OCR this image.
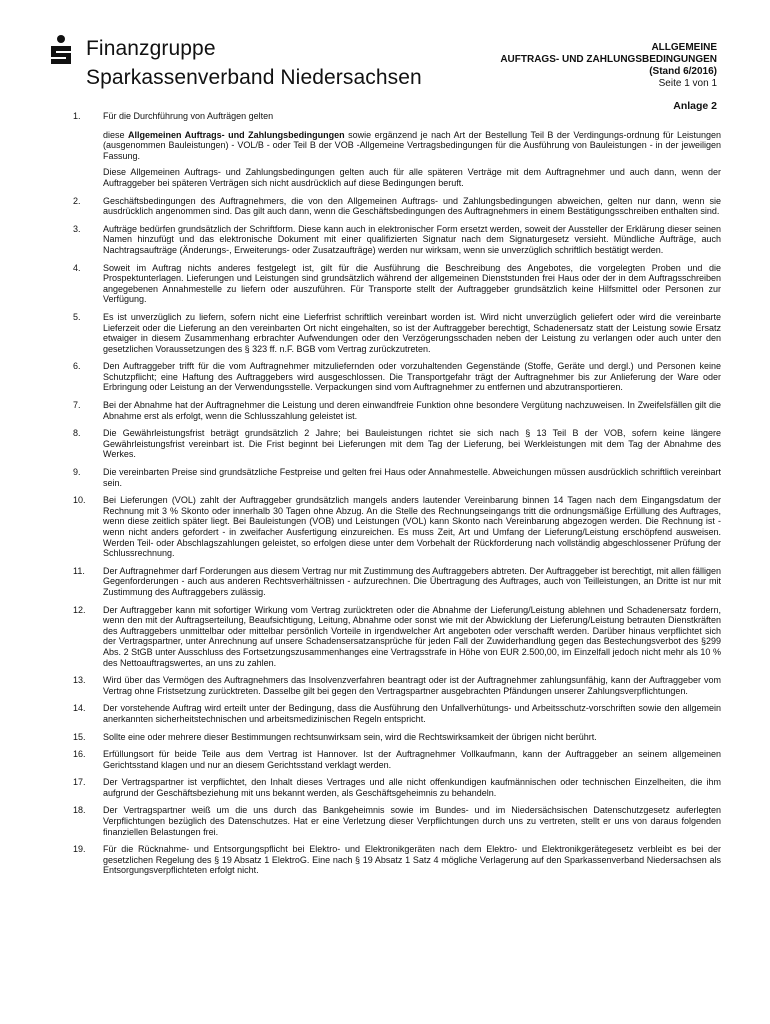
Finanzgruppe
Sparkassenverband Niedersachsen
ALLGEMEINE
AUFTRAGS- UND ZAHLUNGSBEDINGUNGEN
(Stand 6/2016)
Seite 1 von 1
Anlage 2
1.	Für die Durchführung von Aufträgen gelten

diese Allgemeinen Auftrags- und Zahlungsbedingungen sowie ergänzend je nach Art der Bestellung Teil B der Verdingungs-ordnung für Leistungen (ausgenommen Bauleistungen) - VOL/B - oder Teil B der VOB -Allgemeine Vertragsbedingungen für die Ausführung von Bauleistungen - in der jeweiligen Fassung.

Diese Allgemeinen Auftrags- und Zahlungsbedingungen gelten auch für alle späteren Verträge mit dem Auftragnehmer und auch dann, wenn der Auftraggeber bei späteren Verträgen sich nicht ausdrücklich auf diese Bedingungen beruft.

2.	Geschäftsbedingungen des Auftragnehmers, die von den Allgemeinen Auftrags- und Zahlungsbedingungen abweichen, gelten nur dann, wenn sie ausdrücklich angenommen sind. Das gilt auch dann, wenn die Geschäftsbedingungen des Auftragnehmers in einem Bestätigungsschreiben enthalten sind.

3.	Aufträge bedürfen grundsätzlich der Schriftform. Diese kann auch in elektronischer Form ersetzt werden, soweit der Aussteller der Erklärung dieser seinen Namen hinzufügt und das elektronische Dokument mit einer qualifizierten Signatur nach dem Signaturgesetz versieht. Mündliche Aufträge, auch Nachtragsaufträge (Änderungs-, Erweiterungs- oder Zusatzaufträge) werden nur wirksam, wenn sie unverzüglich schriftlich bestätigt werden.

4.	Soweit im Auftrag nichts anderes festgelegt ist, gilt für die Ausführung die Beschreibung des Angebotes, die vorgelegten Proben und die Prospektunterlagen. Lieferungen und Leistungen sind grundsätzlich während der allgemeinen Dienststunden frei Haus oder der in dem Auftragsschreiben angegebenen Annahmestelle zu liefern oder auszuführen. Für Transporte stellt der Auftraggeber grundsätzlich keine Hilfsmittel oder Personen zur Verfügung.

5.	Es ist unverzüglich zu liefern, sofern nicht eine Lieferfrist schriftlich vereinbart worden ist. Wird nicht unverzüglich geliefert oder wird die vereinbarte Lieferzeit oder die Lieferung an den vereinbarten Ort nicht eingehalten, so ist der Auftraggeber berechtigt, Schadenersatz statt der Leistung sowie Ersatz etwaiger in diesem Zusammenhang erbrachter Aufwendungen oder den Verzögerungsschaden neben der Leistung zu verlangen oder auch unter den gesetzlichen Voraussetzungen des § 323 ff. n.F. BGB vom Vertrag zurückzutreten.

6.	Den Auftraggeber trifft für die vom Auftragnehmer mitzuliefernden oder vorzuhaltenden Gegenstände (Stoffe, Geräte und dergl.) und Personen keine Schutzpflicht; eine Haftung des Auftraggebers wird ausgeschlossen. Die Transportgefahr trägt der Auftragnehmer bis zur Anlieferung der Ware oder Erbringung oder Leistung an der Verwendungsstelle. Verpackungen sind vom Auftragnehmer zu entfernen und abzutransportieren.

7.	Bei der Abnahme hat der Auftragnehmer die Leistung und deren einwandfreie Funktion ohne besondere Vergütung nachzuweisen. In Zweifelsfällen gilt die Abnahme erst als erfolgt, wenn die Schlusszahlung geleistet ist.

8.	Die Gewährleistungsfrist beträgt grundsätzlich 2 Jahre; bei Bauleistungen richtet sie sich nach § 13 Teil B der VOB, sofern keine längere Gewährleistungsfrist vereinbart ist. Die Frist beginnt bei Lieferungen mit dem Tag der Lieferung, bei Werkleistungen mit dem Tag der Abnahme des Werkes.

9.	Die vereinbarten Preise sind grundsätzliche Festpreise und gelten frei Haus oder Annahmestelle. Abweichungen müssen ausdrücklich schriftlich vereinbart sein.

10.	Bei Lieferungen (VOL) zahlt der Auftraggeber grundsätzlich mangels anders lautender Vereinbarung binnen 14 Tagen nach dem Eingangsdatum der Rechnung mit 3 % Skonto oder innerhalb 30 Tagen ohne Abzug. An die Stelle des Rechnungseingangs tritt die ordnungsmäßige Erfüllung des Auftrages, wenn diese zeitlich später liegt. Bei Bauleistungen (VOB) und Leistungen (VOL) kann Skonto nach Vereinbarung abgezogen werden. Die Rechnung ist - wenn nicht anders gefordert - in zweifacher Ausfertigung einzureichen. Es muss Zeit, Art und Umfang der Lieferung/Leistung erschöpfend ausweisen. Werden Teil- oder Abschlagszahlungen geleistet, so erfolgen diese unter dem Vorbehalt der Rückforderung nach vollständig abgeschlossener Prüfung der Schlussrechnung.

11.	Der Auftragnehmer darf Forderungen aus diesem Vertrag nur mit Zustimmung des Auftraggebers abtreten. Der Auftraggeber ist berechtigt, mit allen fälligen Gegenforderungen - auch aus anderen Rechtsverhältnissen - aufzurechnen. Die Übertragung des Auftrages, auch von Teilleistungen, an Dritte ist nur mit Zustimmung des Auftraggebers zulässig.

12.	Der Auftraggeber kann mit sofortiger Wirkung vom Vertrag zurücktreten oder die Abnahme der Lieferung/Leistung ablehnen und Schadenersatz fordern, wenn den mit der Auftragserteilung, Beaufsichtigung, Leitung, Abnahme oder sonst wie mit der Abwicklung der Lieferung/Leistung betrauten Dienstkräften des Auftraggebers unmittelbar oder mittelbar persönlich Vorteile in irgendwelcher Art angeboten oder verschafft werden. Darüber hinaus verpflichtet sich der Vertragspartner, unter Anrechnung auf unsere Schadensersatzansprüche für jeden Fall der Zuwiderhandlung gegen das Bestechungsverbot des §299 Abs. 2 StGB unter Ausschluss des Fortsetzungszusammenhanges eine Vertragsstrafe in Höhe von EUR 2.500,00, im Einzelfall jedoch nicht mehr als 10 % des Nettoauftragswertes, an uns zu zahlen.

13.	Wird über das Vermögen des Auftragnehmers das Insolvenzverfahren beantragt oder ist der Auftragnehmer zahlungsunfähig, kann der Auftraggeber vom Vertrag ohne Fristsetzung zurücktreten. Dasselbe gilt bei gegen den Vertragspartner ausgebrachten Pfändungen unserer Zahlungsverpflichtungen.

14.	Der vorstehende Auftrag wird erteilt unter der Bedingung, dass die Ausführung den Unfallverhütungs- und Arbeitsschutz-vorschriften sowie den allgemein anerkannten sicherheitstechnischen und arbeitsmedizinischen Regeln entspricht.

15.	Sollte eine oder mehrere dieser Bestimmungen rechtsunwirksam sein, wird die Rechtswirksamkeit der übrigen nicht berührt.

16.	Erfüllungsort für beide Teile aus dem Vertrag ist Hannover. Ist der Auftragnehmer Vollkaufmann, kann der Auftraggeber an seinem allgemeinen Gerichtsstand klagen und nur an diesem Gerichtsstand verklagt werden.

17.	Der Vertragspartner ist verpflichtet, den Inhalt dieses Vertrages und alle nicht offenkundigen kaufmännischen oder technischen Einzelheiten, die ihm aufgrund der Geschäftsbeziehung mit uns bekannt werden, als Geschäftsgeheimnis zu behandeln.

18.	Der Vertragspartner weiß um die uns durch das Bankgeheimnis sowie im Bundes- und im Niedersächsischen Datenschutzgesetz auferlegten Verpflichtungen bezüglich des Datenschutzes. Hat er eine Verletzung dieser Verpflichtungen durch uns zu vertreten, stellt er uns von daraus folgenden finanziellen Belastungen frei.

19.	Für die Rücknahme- und Entsorgungspflicht bei Elektro- und Elektronikgeräten nach dem Elektro- und Elektronikgerätegesetz verbleibt es bei der gesetzlichen Regelung des § 19 Absatz 1 ElektroG. Eine nach § 19 Absatz 1 Satz 4 mögliche Verlagerung auf den Sparkassenverband Niedersachsen als Entsorgungsverpflichteten erfolgt nicht.
